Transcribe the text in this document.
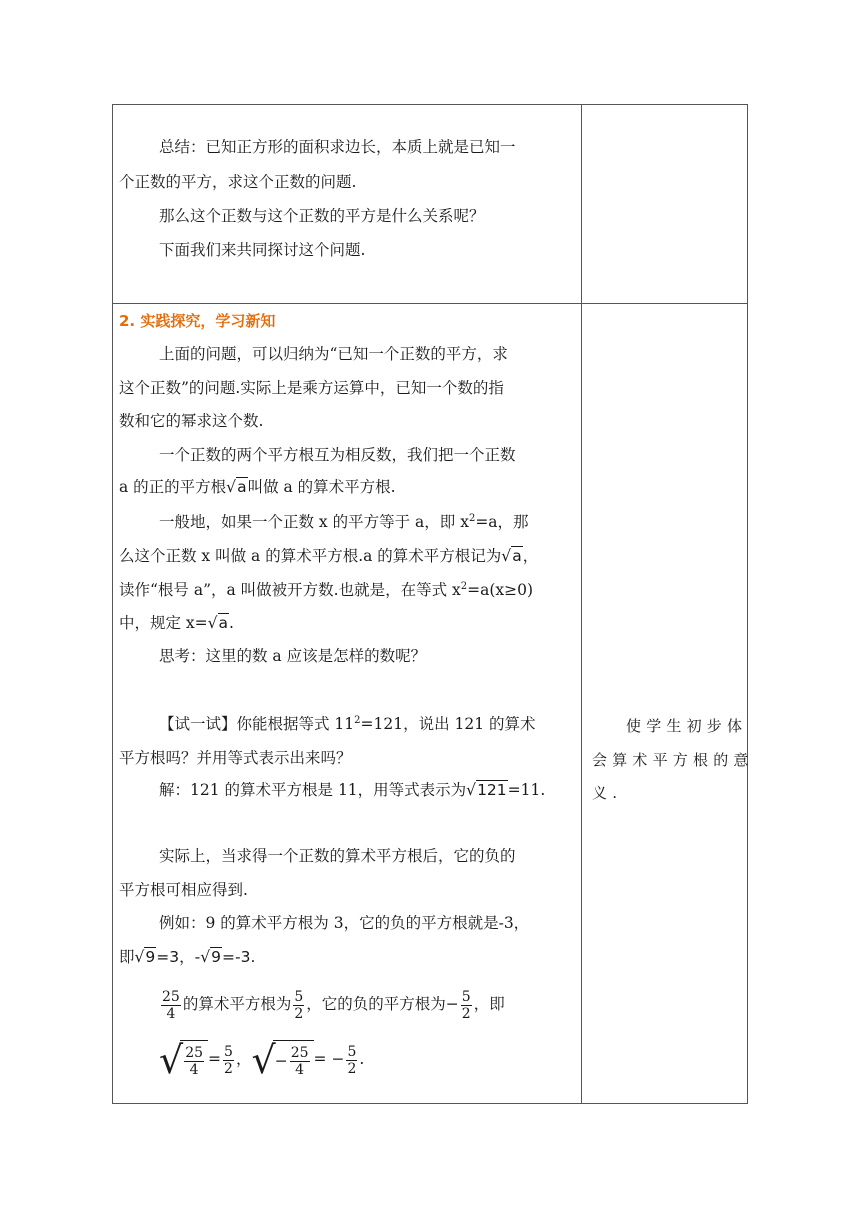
总结：已知正方形的面积求边长，本质上就是已知一
个正数的平方，求这个正数的问题.
那么这个正数与这个正数的平方是什么关系呢？
下面我们来共同探讨这个问题.
2. 实践探究，学习新知
上面的问题，可以归纳为“已知一个正数的平方，求
这个正数”的问题.实际上是乘方运算中，已知一个数的指
数和它的幂求这个数.
一个正数的两个平方根互为相反数，我们把一个正数
a 的正的平方根√a叫做 a 的算术平方根.
一般地，如果一个正数 x 的平方等于 a，即 $x^2=a$，那
么这个正数 x 叫做 a 的算术平方根.a 的算术平方根记为√a，
读作“根号 a”，a 叫做被开方数.也就是，在等式 $x^2=a(x\ge 0)$
中，规定 x=√a.
思考：这里的数 a 应该是怎样的数呢？
【试一试】你能根据等式 $11^2=121$，说出 121 的算术
平方根吗？并用等式表示出来吗？
解：121 的算术平方根是 11，用等式表示为√121=11.
实际上，当求得一个正数的算术平方根后，它的负的
平方根可相应得到.
例如：9 的算术平方根为 3，它的负的平方根就是-3，
即√9=3，-√9=-3.
$\frac{25}{4}$ 的算术平方根为 $\frac{5}{2}$ ，它的负的平方根为− $\frac{5}{2}$ ，即
√ $\frac{25}{4} = \frac{5}{2}$ ，√− $\frac{25}{4}$ = − $\frac{5}{2}$ .
使学生初步体
会算术平方根的意
义.
